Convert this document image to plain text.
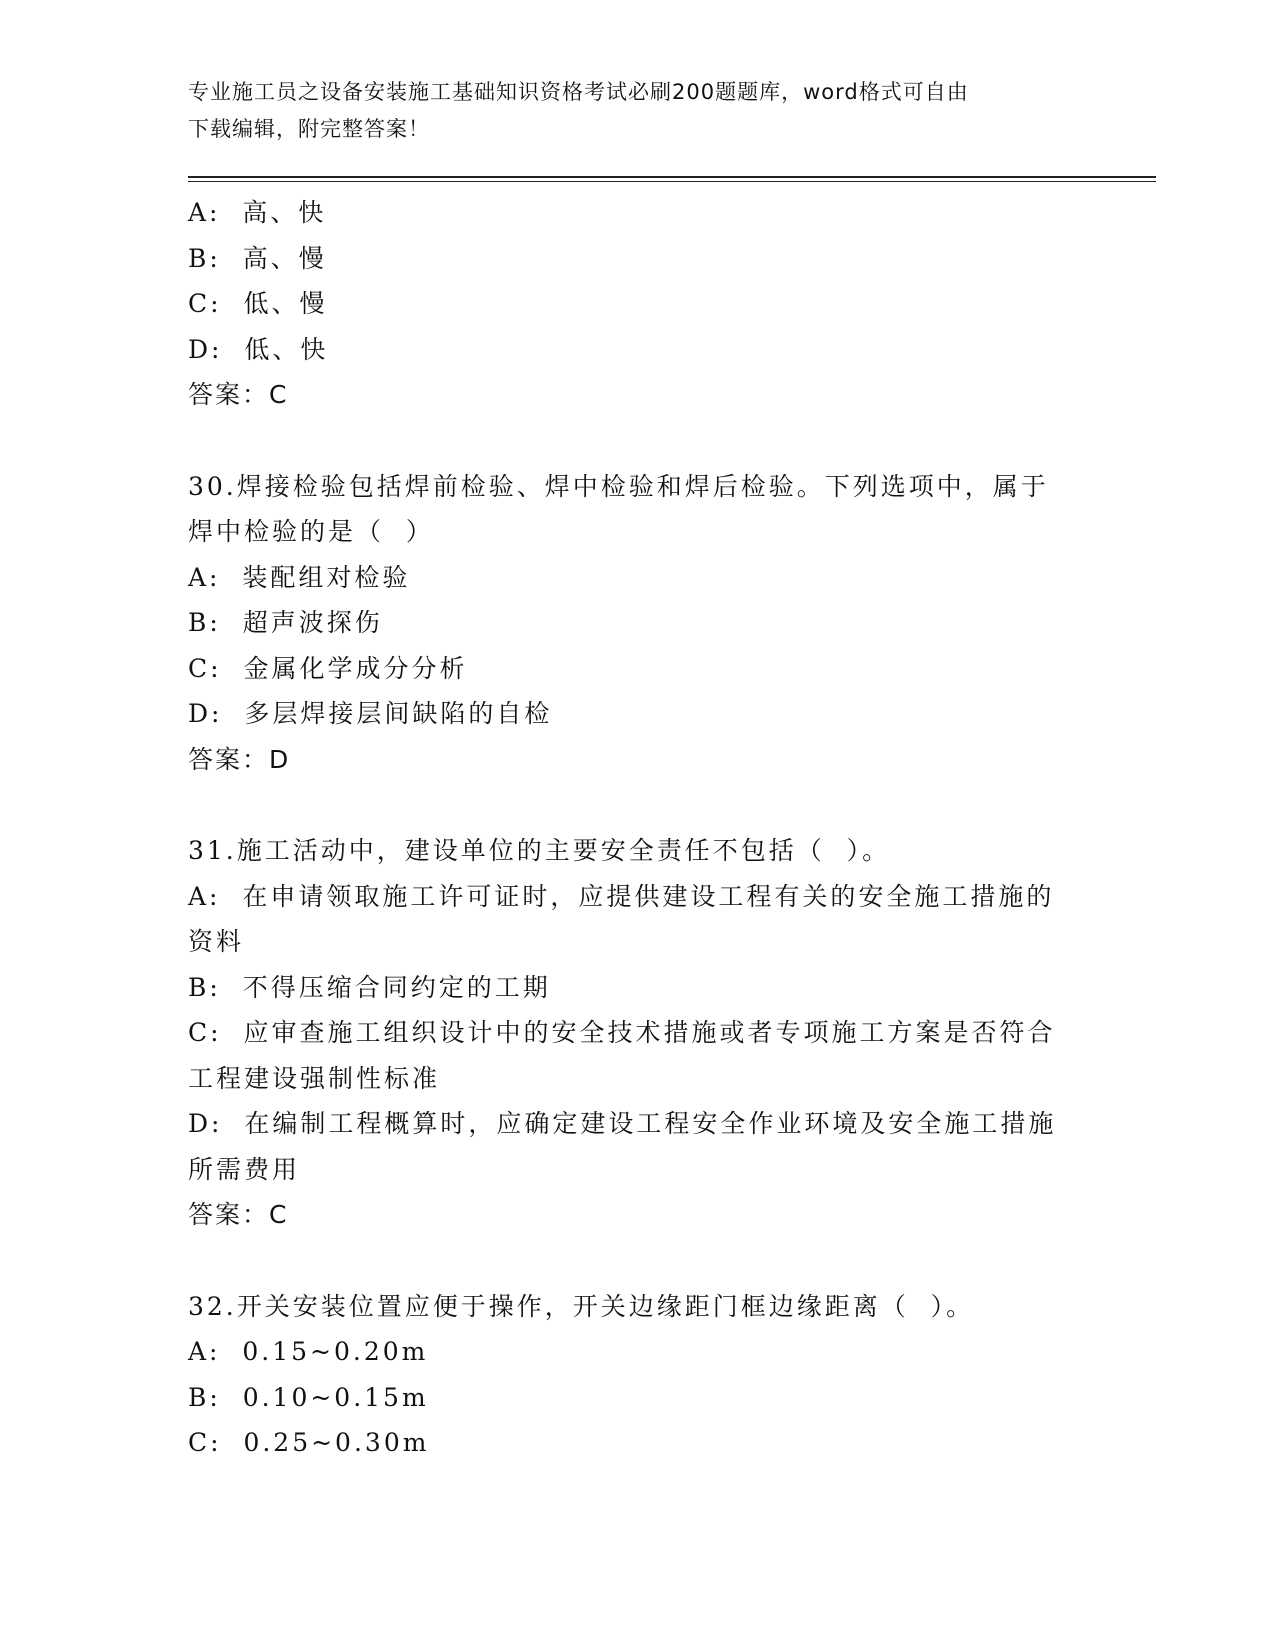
专业施工员之设备安装施工基础知识资格考试必刷200题题库，word格式可自由
下载编辑，附完整答案！
A:  高、快
B:  高、慢
C:  低、慢
D:  低、快
答案：C
30.焊接检验包括焊前检验、焊中检验和焊后检验。下列选项中，属于
焊中检验的是（  ）
A:  装配组对检验
B:  超声波探伤
C:  金属化学成分分析
D:  多层焊接层间缺陷的自检
答案：D
31.施工活动中，建设单位的主要安全责任不包括（  ）。
A:  在申请领取施工许可证时，应提供建设工程有关的安全施工措施的
资料
B:  不得压缩合同约定的工期
C:  应审查施工组织设计中的安全技术措施或者专项施工方案是否符合
工程建设强制性标准
D:  在编制工程概算时，应确定建设工程安全作业环境及安全施工措施
所需费用
答案：C
32.开关安装位置应便于操作，开关边缘距门框边缘距离（  ）。
A:  0.15~0.20m
B:  0.10~0.15m
C:  0.25~0.30m
